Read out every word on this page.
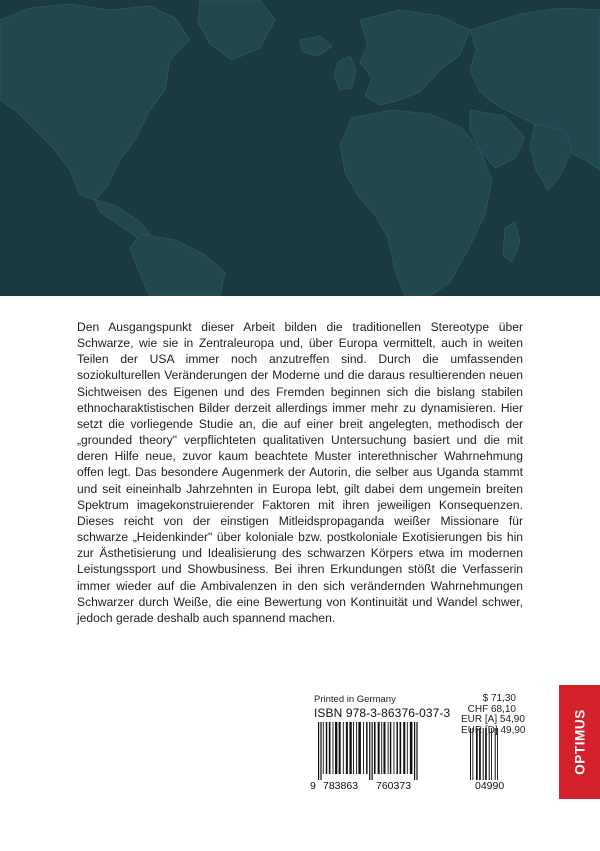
Den Ausgangspunkt dieser Arbeit bilden die traditionellen Stereotype über Schwarze, wie sie in Zentraleuropa und, über Europa vermittelt, auch in weiten Teilen der USA immer noch anzutreffen sind. Durch die umfassenden soziokulturellen Veränderungen der Moderne und die daraus resultierenden neuen Sichtweisen des Eigenen und des Fremden beginnen sich die bislang stabilen ethnocharaktistischen Bilder derzeit allerdings immer mehr zu dynamisieren. Hier setzt die vorliegende Studie an, die auf einer breit angelegten, methodisch der „grounded theory" verpflichteten qualitativen Untersuchung basiert und die mit deren Hilfe neue, zuvor kaum beachtete Muster interethnischer Wahrnehmung offen legt. Das besondere Augenmerk der Autorin, die selber aus Uganda stammt und seit eineinhalb Jahrzehnten in Europa lebt, gilt dabei dem ungemein breiten Spektrum imagekonstruierender Faktoren mit ihren jeweiligen Konsequenzen. Dieses reicht von der einstigen Mitleidspropaganda weißer Missionare für schwarze „Heidenkinder" über koloniale bzw. postkoloniale Exotisierungen bis hin zur Ästhetisierung und Idealisierung des schwarzen Körpers etwa im modernen Leistungssport und Showbusiness. Bei ihren Erkundungen stößt die Verfasserin immer wieder auf die Ambivalenzen in den sich verändernden Wahrnehmungen Schwarzer durch Weiße, die eine Bewertung von Kontinuität und Wandel schwer, jedoch gerade deshalb auch spannend machen.

Printed in Germany
ISBN 978-3-86376-037-3
9 783863 760373	04990
$ 71,30
CHF 68,10
EUR [A] 54,90
EUR [D] 49,90	OPTIMUS
